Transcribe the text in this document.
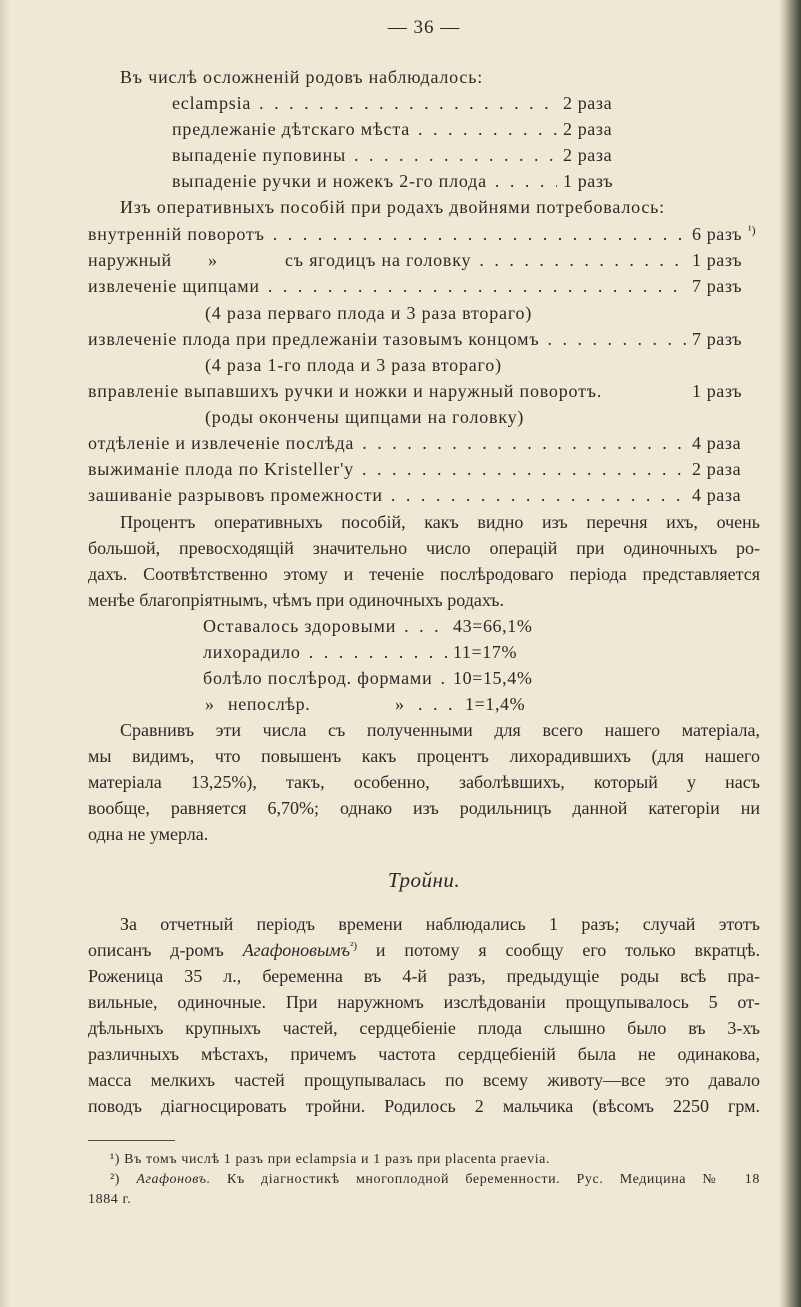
— 36 —
Въ числѣ осложненій родовъ наблюдалось:
eclampsia . . .	2 раза
предлежаніе дѣтскаго мѣста . . .	2 раза
выпаденіе пуповины . . .	2 раза
выпаденіе ручки и ножекъ 2-го плода . . .	1 разъ
Изъ оперативныхъ пособій при родахъ двойнями потребовалось:
внутренній поворотъ . . .	6 разъ ¹)
наружный »	съ ягодицъ на головку . . .	1 разъ
извлеченіе щипцами . . .	7 разъ
(4 раза перваго плода и 3 раза втораго)
извлеченіе плода при предлежаніи тазовымъ концомъ . . .	7 разъ
(4 раза 1-го плода и 3 раза втораго)
вправленіе выпавшихъ ручки и ножки и наружный поворотъ.	1 разъ
(роды окончены щипцами на головку)
отдѣленіе и извлеченіе послѣда . . .	4 раза
выжиманіе плода по Kristeller'у . . .	2 раза
зашиваніе разрывовъ промежности . . .	4 раза
Процентъ оперативныхъ пособій, какъ видно изъ перечня ихъ, очень
большой, превосходящій значительно число операцій при одиночныхъ ро-
дахъ. Соотвѣтственно этому и теченіе послѣродоваго періода представляется
менѣе благопріятнымъ, чѣмъ при одиночныхъ родахъ.
Оставалось здоровыми . . .	43=66,1%
лихорадило . . .	11=17%
болѣло послѣрод. формами . . . 10=15,4%
» непослѣр.	» . . .	1=1,4%
Сравнивъ эти числа съ полученными для всего нашего матеріала,
мы видимъ, что повышенъ какъ процентъ лихорадившихъ (для нашего
матеріала 13,25%), такъ, особенно, заболѣвшихъ, который у насъ
вообще, равняется 6,70%; однако изъ родильницъ данной категоріи ни
одна не умерла.
Тройни.
За отчетный періодъ времени наблюдались 1 разъ; случай этотъ
описанъ д-ромъ Агафоновымъ$^{^2)}$ и потому я сообщу его только вкратцѣ.
Роженица 35 л., беременна въ 4-й разъ, предыдущіе роды всѣ пра-
вильные, одиночные. При наружномъ изслѣдованіи прощупывалось 5 от-
дѣльныхъ крупныхъ частей, сердцебіеніе плода слышно было въ 3-хъ
различныхъ мѣстахъ, причемъ частота сердцебіеній была не одинакова,
масса мелкихъ частей прощупывалась по всему животу—все это давало
поводъ діагносцировать тройни. Родилось 2 мальчика (вѣсомъ 2250 грм.
¹) Въ томъ числѣ 1 разъ при eclampsia и 1 разъ при placenta praevia.
²) Агафоновъ. Къ діагностикѣ многоплодной беременности. Рус. Медицина № 18
1884 г.
